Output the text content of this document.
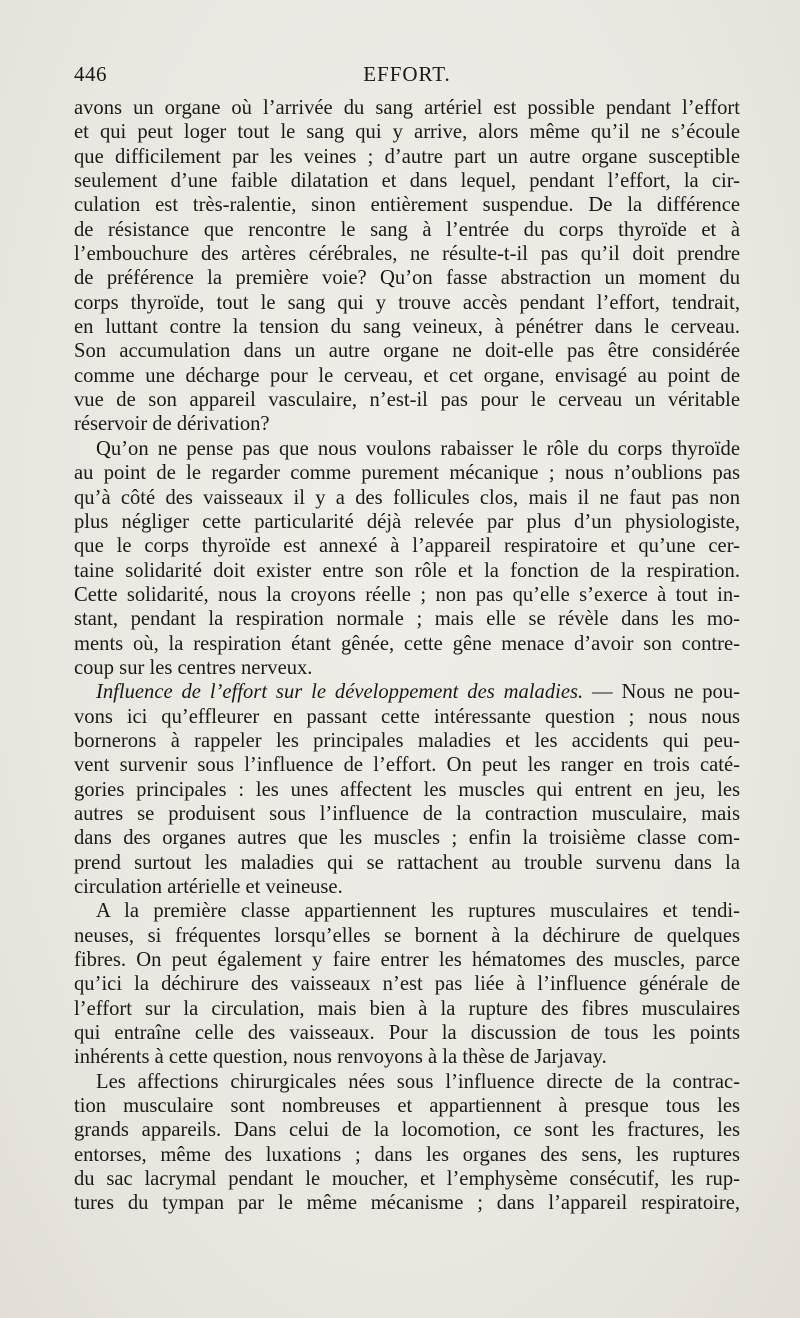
446	EFFORT.
avons un organe où l’arrivée du sang artériel est possible pendant l’effort
et qui peut loger tout le sang qui y arrive, alors même qu’il ne s’écoule
que difficilement par les veines ; d’autre part un autre organe susceptible
seulement d’une faible dilatation et dans lequel, pendant l’effort, la cir-
culation est très-ralentie, sinon entièrement suspendue. De la différence
de résistance que rencontre le sang à l’entrée du corps thyroïde et à
l’embouchure des artères cérébrales, ne résulte-t-il pas qu’il doit prendre
de préférence la première voie? Qu’on fasse abstraction un moment du
corps thyroïde, tout le sang qui y trouve accès pendant l’effort, tendrait,
en luttant contre la tension du sang veineux, à pénétrer dans le cerveau.
Son accumulation dans un autre organe ne doit-elle pas être considérée
comme une décharge pour le cerveau, et cet organe, envisagé au point de
vue de son appareil vasculaire, n’est-il pas pour le cerveau un véritable
réservoir de dérivation?
Qu’on ne pense pas que nous voulons rabaisser le rôle du corps thyroïde
au point de le regarder comme purement mécanique ; nous n’oublions pas
qu’à côté des vaisseaux il y a des follicules clos, mais il ne faut pas non
plus négliger cette particularité déjà relevée par plus d’un physiologiste,
que le corps thyroïde est annexé à l’appareil respiratoire et qu’une cer-
taine solidarité doit exister entre son rôle et la fonction de la respiration.
Cette solidarité, nous la croyons réelle ; non pas qu’elle s’exerce à tout in-
stant, pendant la respiration normale ; mais elle se révèle dans les mo-
ments où, la respiration étant gênée, cette gêne menace d’avoir son contre-
coup sur les centres nerveux.
Influence de l’effort sur le développement des maladies. — Nous ne pou-
vons ici qu’effleurer en passant cette intéressante question ; nous nous
bornerons à rappeler les principales maladies et les accidents qui peu-
vent survenir sous l’influence de l’effort. On peut les ranger en trois caté-
gories principales : les unes affectent les muscles qui entrent en jeu, les
autres se produisent sous l’influence de la contraction musculaire, mais
dans des organes autres que les muscles ; enfin la troisième classe com-
prend surtout les maladies qui se rattachent au trouble survenu dans la
circulation artérielle et veineuse.
A la première classe appartiennent les ruptures musculaires et tendi-
neuses, si fréquentes lorsqu’elles se bornent à la déchirure de quelques
fibres. On peut également y faire entrer les hématomes des muscles, parce
qu’ici la déchirure des vaisseaux n’est pas liée à l’influence générale de
l’effort sur la circulation, mais bien à la rupture des fibres musculaires
qui entraîne celle des vaisseaux. Pour la discussion de tous les points
inhérents à cette question, nous renvoyons à la thèse de Jarjavay.
Les affections chirurgicales nées sous l’influence directe de la contrac-
tion musculaire sont nombreuses et appartiennent à presque tous les
grands appareils. Dans celui de la locomotion, ce sont les fractures, les
entorses, même des luxations ; dans les organes des sens, les ruptures
du sac lacrymal pendant le moucher, et l’emphysème consécutif, les rup-
tures du tympan par le même mécanisme ; dans l’appareil respiratoire,
